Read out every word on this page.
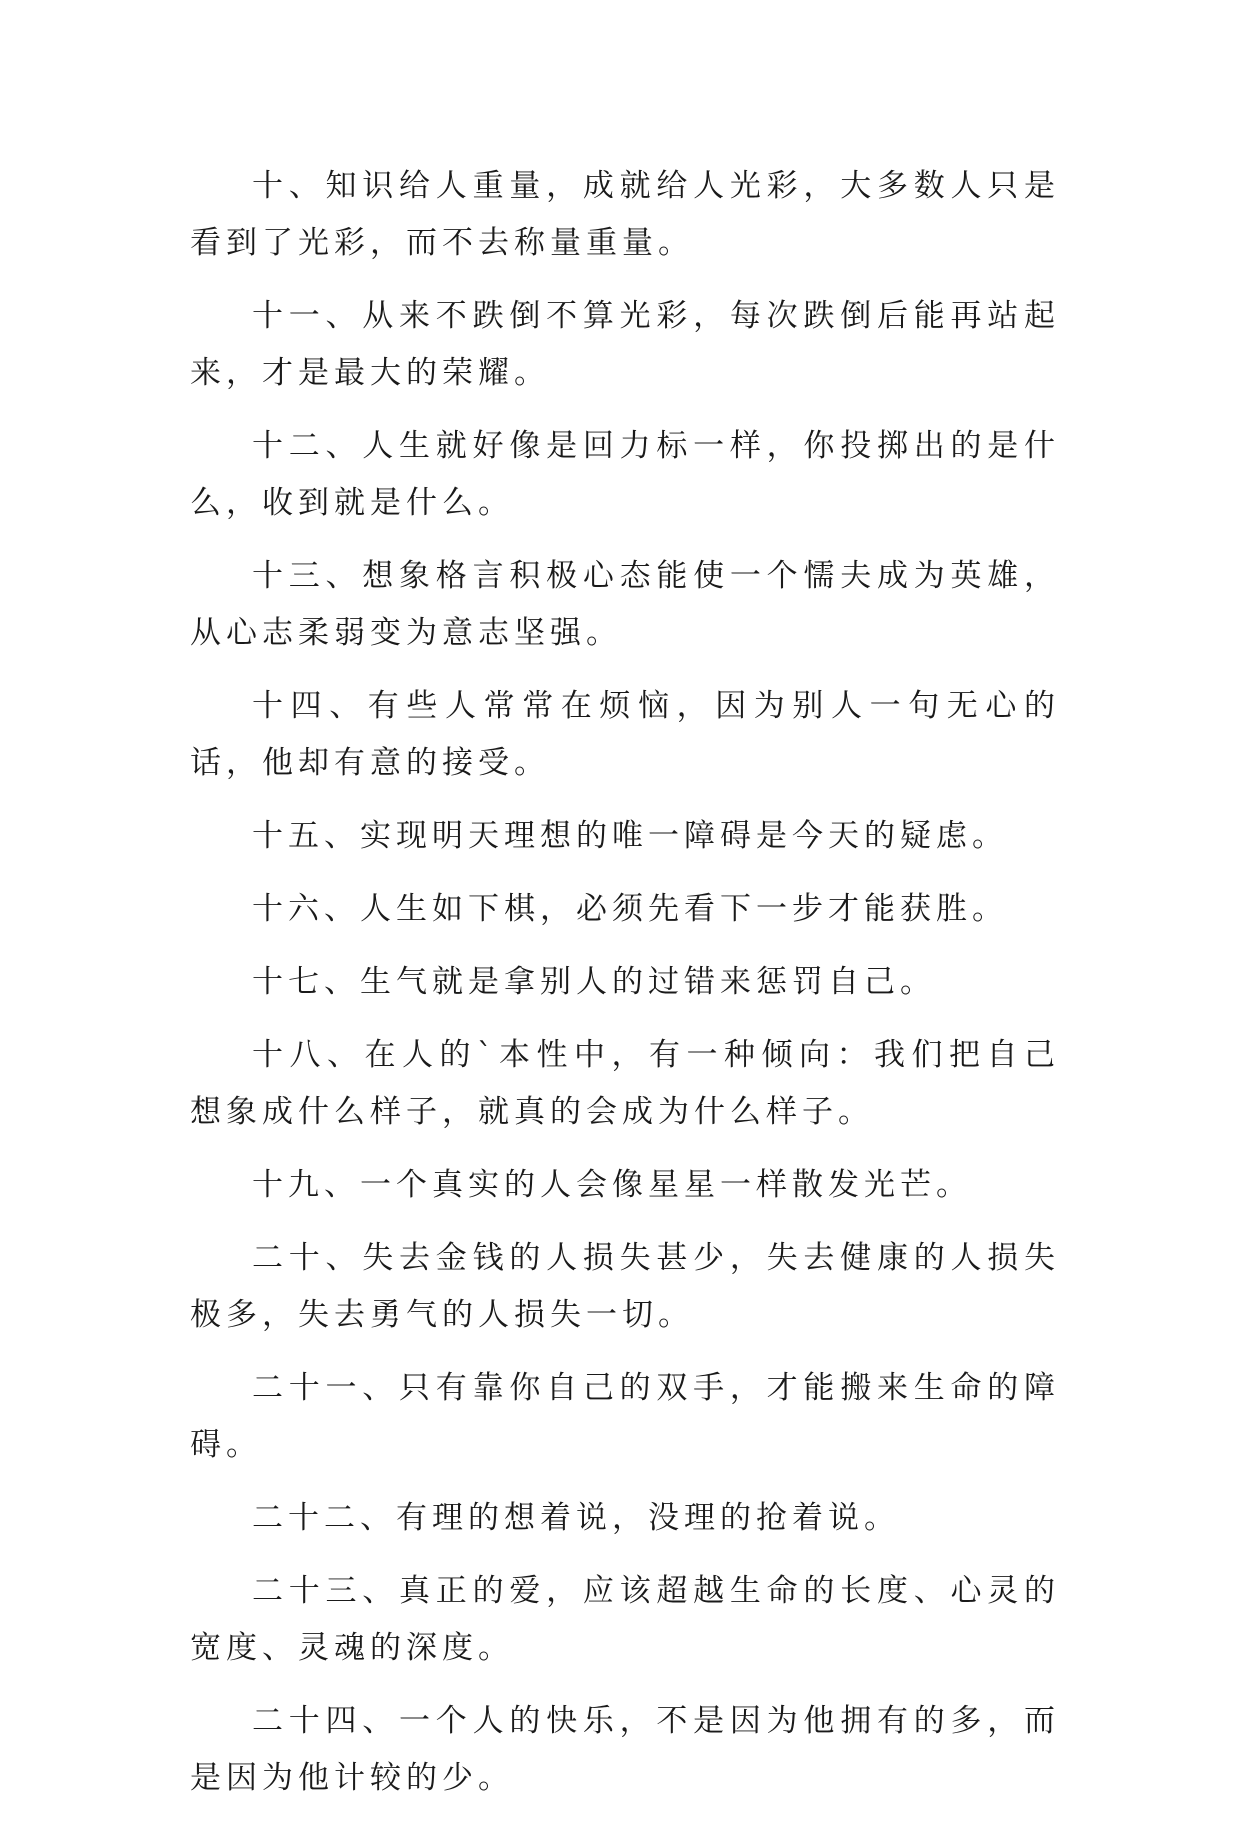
十、知识给人重量，成就给人光彩，大多数人只是看到了光彩，而不去称量重量。

十一、从来不跌倒不算光彩，每次跌倒后能再站起来，才是最大的荣耀。

十二、人生就好像是回力标一样，你投掷出的是什么，收到就是什么。

十三、想象格言积极心态能使一个懦夫成为英雄，从心志柔弱变为意志坚强。

十四、有些人常常在烦恼，因为别人一句无心的话，他却有意的接受。

十五、实现明天理想的唯一障碍是今天的疑虑。

十六、人生如下棋，必须先看下一步才能获胜。

十七、生气就是拿别人的过错来惩罚自己。

十八、在人的`本性中，有一种倾向：我们把自己想象成什么样子，就真的会成为什么样子。

十九、一个真实的人会像星星一样散发光芒。

二十、失去金钱的人损失甚少，失去健康的人损失极多，失去勇气的人损失一切。

二十一、只有靠你自己的双手，才能搬来生命的障碍。

二十二、有理的想着说，没理的抢着说。

二十三、真正的爱，应该超越生命的长度、心灵的宽度、灵魂的深度。

二十四、一个人的快乐，不是因为他拥有的多，而是因为他计较的少。
